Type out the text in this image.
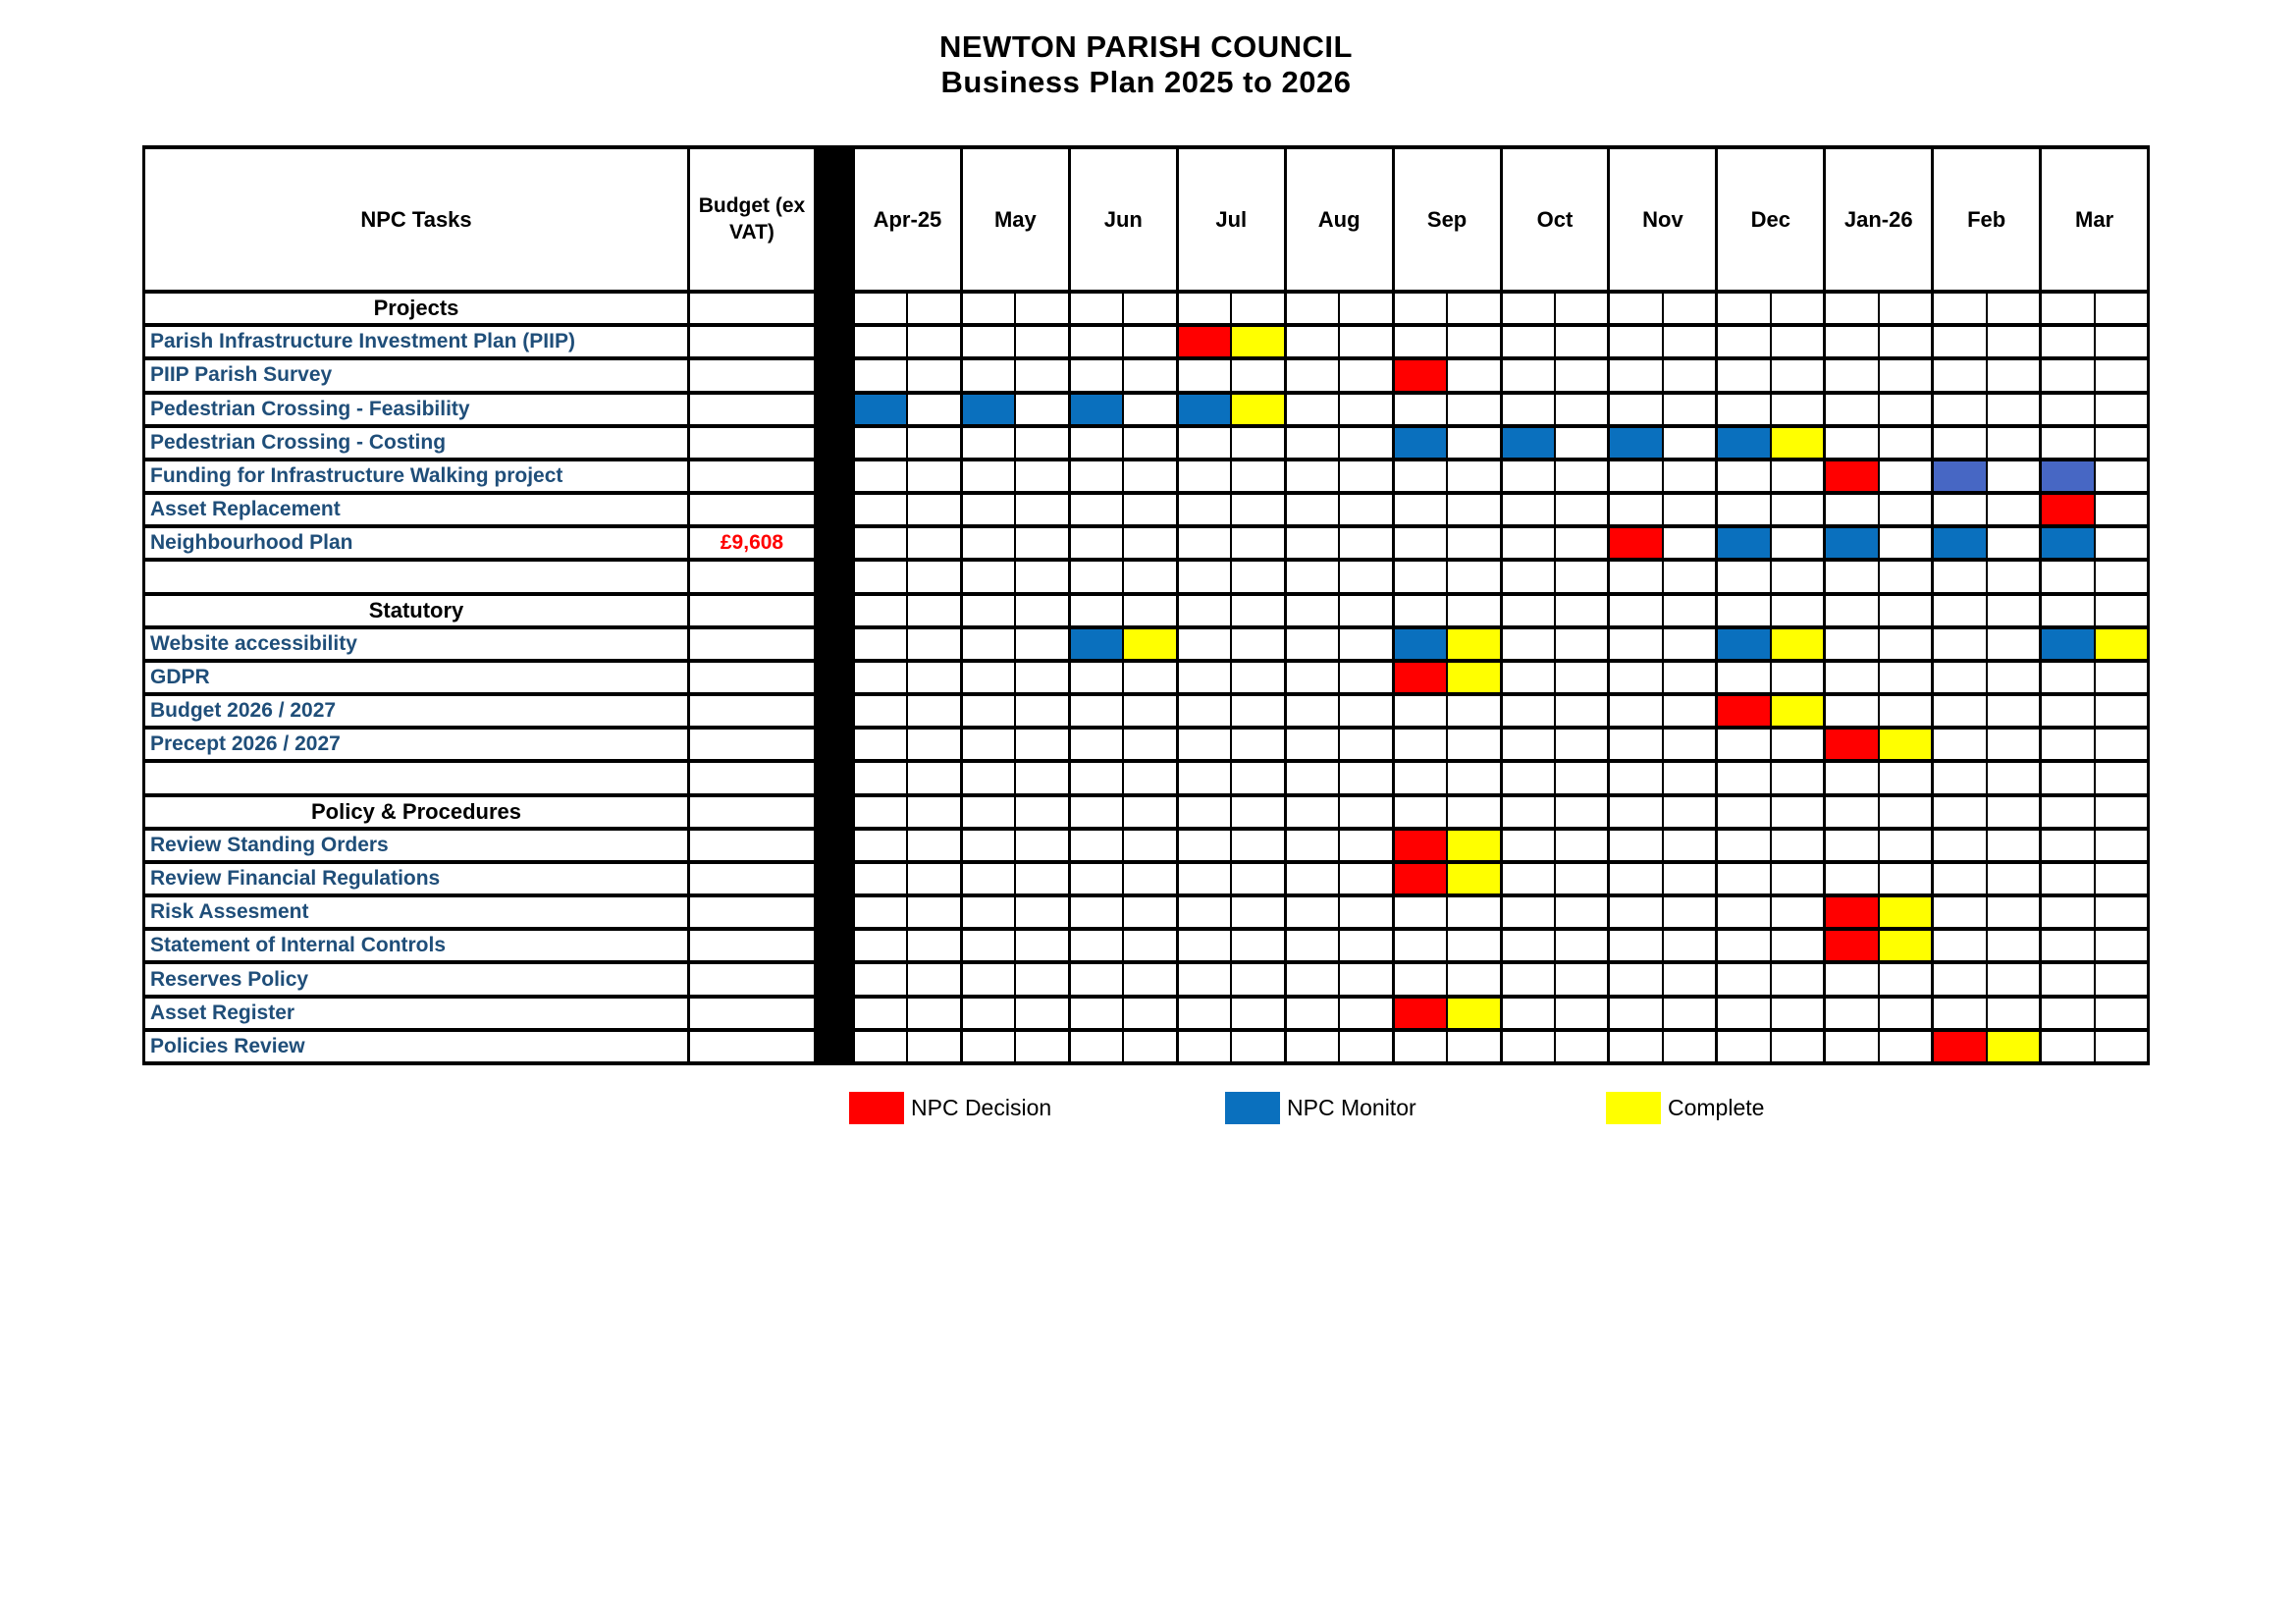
NEWTON PARISH COUNCIL
Business Plan 2025 to 2026
NPC Tasks
Budget (ex VAT)
Apr-25	May	Jun	Jul	Aug	Sep	Oct	Nov	Dec	Jan-26	Feb	Mar
Projects
Parish Infrastructure Investment Plan (PIIP)
PIIP Parish Survey
Pedestrian Crossing - Feasibility
Pedestrian Crossing - Costing
Funding for Infrastructure Walking project
Asset Replacement
Neighbourhood Plan	£9,608
Statutory
Website accessibility
GDPR
Budget 2026 / 2027
Precept 2026 / 2027
Policy & Procedures
Review Standing Orders
Review Financial Regulations
Risk Assesment
Statement of Internal Controls
Reserves Policy
Asset Register
Policies Review
NPC Decision	NPC Monitor	Complete
